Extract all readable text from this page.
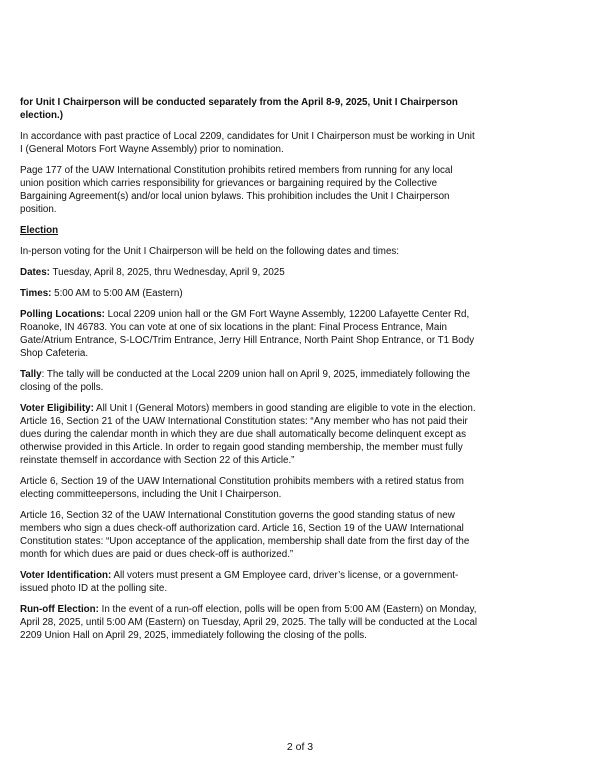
for Unit I Chairperson will be conducted separately from the April 8-9, 2025, Unit I Chairperson election.)

In accordance with past practice of Local 2209, candidates for Unit I Chairperson must be working in Unit I (General Motors Fort Wayne Assembly) prior to nomination.

Page 177 of the UAW International Constitution prohibits retired members from running for any local union position which carries responsibility for grievances or bargaining required by the Collective Bargaining Agreement(s) and/or local union bylaws. This prohibition includes the Unit I Chairperson position.

Election

In-person voting for the Unit I Chairperson will be held on the following dates and times:

Dates: Tuesday, April 8, 2025, thru Wednesday, April 9, 2025

Times: 5:00 AM to 5:00 AM (Eastern)

Polling Locations: Local 2209 union hall or the GM Fort Wayne Assembly, 12200 Lafayette Center Rd, Roanoke, IN 46783. You can vote at one of six locations in the plant: Final Process Entrance, Main Gate/Atrium Entrance, S-LOC/Trim Entrance, Jerry Hill Entrance, North Paint Shop Entrance, or T1 Body Shop Cafeteria.

Tally: The tally will be conducted at the Local 2209 union hall on April 9, 2025, immediately following the closing of the polls.

Voter Eligibility: All Unit I (General Motors) members in good standing are eligible to vote in the election. Article 16, Section 21 of the UAW International Constitution states: “Any member who has not paid their dues during the calendar month in which they are due shall automatically become delinquent except as otherwise provided in this Article. In order to regain good standing membership, the member must fully reinstate themself in accordance with Section 22 of this Article.”

Article 6, Section 19 of the UAW International Constitution prohibits members with a retired status from electing committeepersons, including the Unit I Chairperson.

Article 16, Section 32 of the UAW International Constitution governs the good standing status of new members who sign a dues check-off authorization card. Article 16, Section 19 of the UAW International Constitution states: “Upon acceptance of the application, membership shall date from the first day of the month for which dues are paid or dues check-off is authorized.”

Voter Identification: All voters must present a GM Employee card, driver’s license, or a government-issued photo ID at the polling site.

Run-off Election: In the event of a run-off election, polls will be open from 5:00 AM (Eastern) on Monday, April 28, 2025, until 5:00 AM (Eastern) on Tuesday, April 29, 2025. The tally will be conducted at the Local 2209 Union Hall on April 29, 2025, immediately following the closing of the polls.

2 of 3
